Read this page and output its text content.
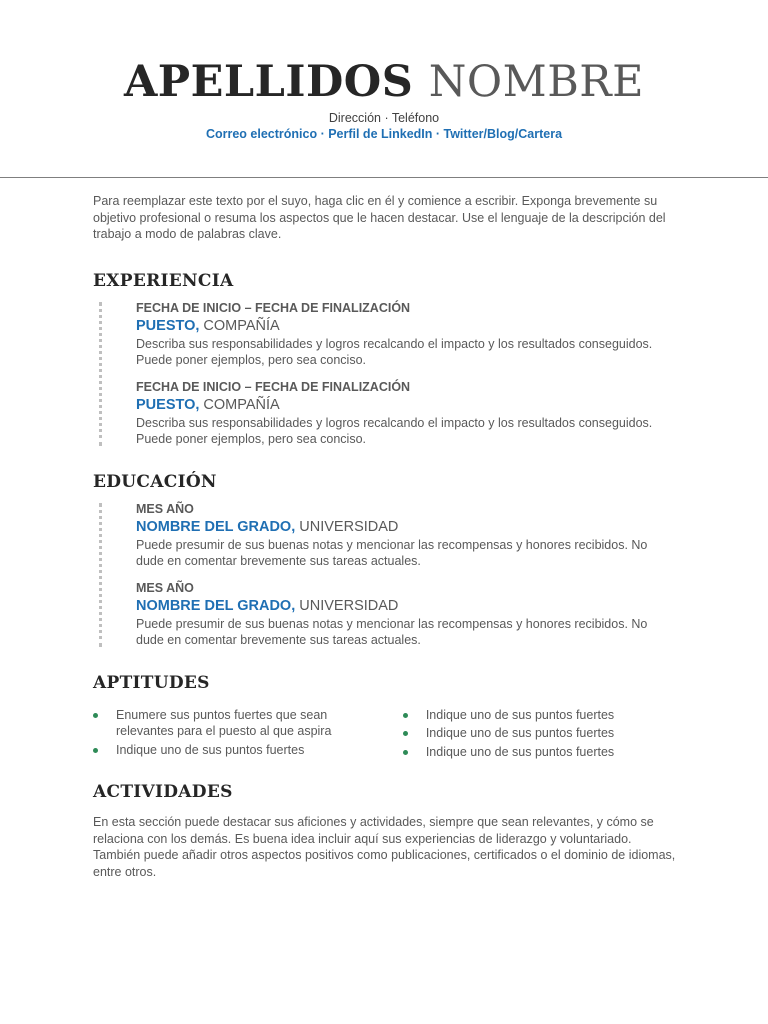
APELLIDOS NOMBRE
Dirección · Teléfono
Correo electrónico · Perfil de LinkedIn · Twitter/Blog/Cartera

Para reemplazar este texto por el suyo, haga clic en él y comience a escribir. Exponga brevemente su objetivo profesional o resuma los aspectos que le hacen destacar. Use el lenguaje de la descripción del trabajo a modo de palabras clave.

EXPERIENCIA
FECHA DE INICIO – FECHA DE FINALIZACIÓN
PUESTO, COMPAÑÍA

Describa sus responsabilidades y logros recalcando el impacto y los resultados conseguidos. Puede poner ejemplos, pero sea conciso.

FECHA DE INICIO – FECHA DE FINALIZACIÓN
PUESTO, COMPAÑÍA

Describa sus responsabilidades y logros recalcando el impacto y los resultados conseguidos. Puede poner ejemplos, pero sea conciso.

EDUCACIÓN
MES AÑO
NOMBRE DEL GRADO, UNIVERSIDAD

Puede presumir de sus buenas notas y mencionar las recompensas y honores recibidos. No dude en comentar brevemente sus tareas actuales.

MES AÑO
NOMBRE DEL GRADO, UNIVERSIDAD

Puede presumir de sus buenas notas y mencionar las recompensas y honores recibidos. No dude en comentar brevemente sus tareas actuales.

APTITUDES
Enumere sus puntos fuertes que sean relevantes para el puesto al que aspira
Indique uno de sus puntos fuertes
Indique uno de sus puntos fuertes
Indique uno de sus puntos fuertes
Indique uno de sus puntos fuertes
ACTIVIDADES

En esta sección puede destacar sus aficiones y actividades, siempre que sean relevantes, y cómo se relaciona con los demás. Es buena idea incluir aquí sus experiencias de liderazgo y voluntariado. También puede añadir otros aspectos positivos como publicaciones, certificados o el dominio de idiomas, entre otros.
